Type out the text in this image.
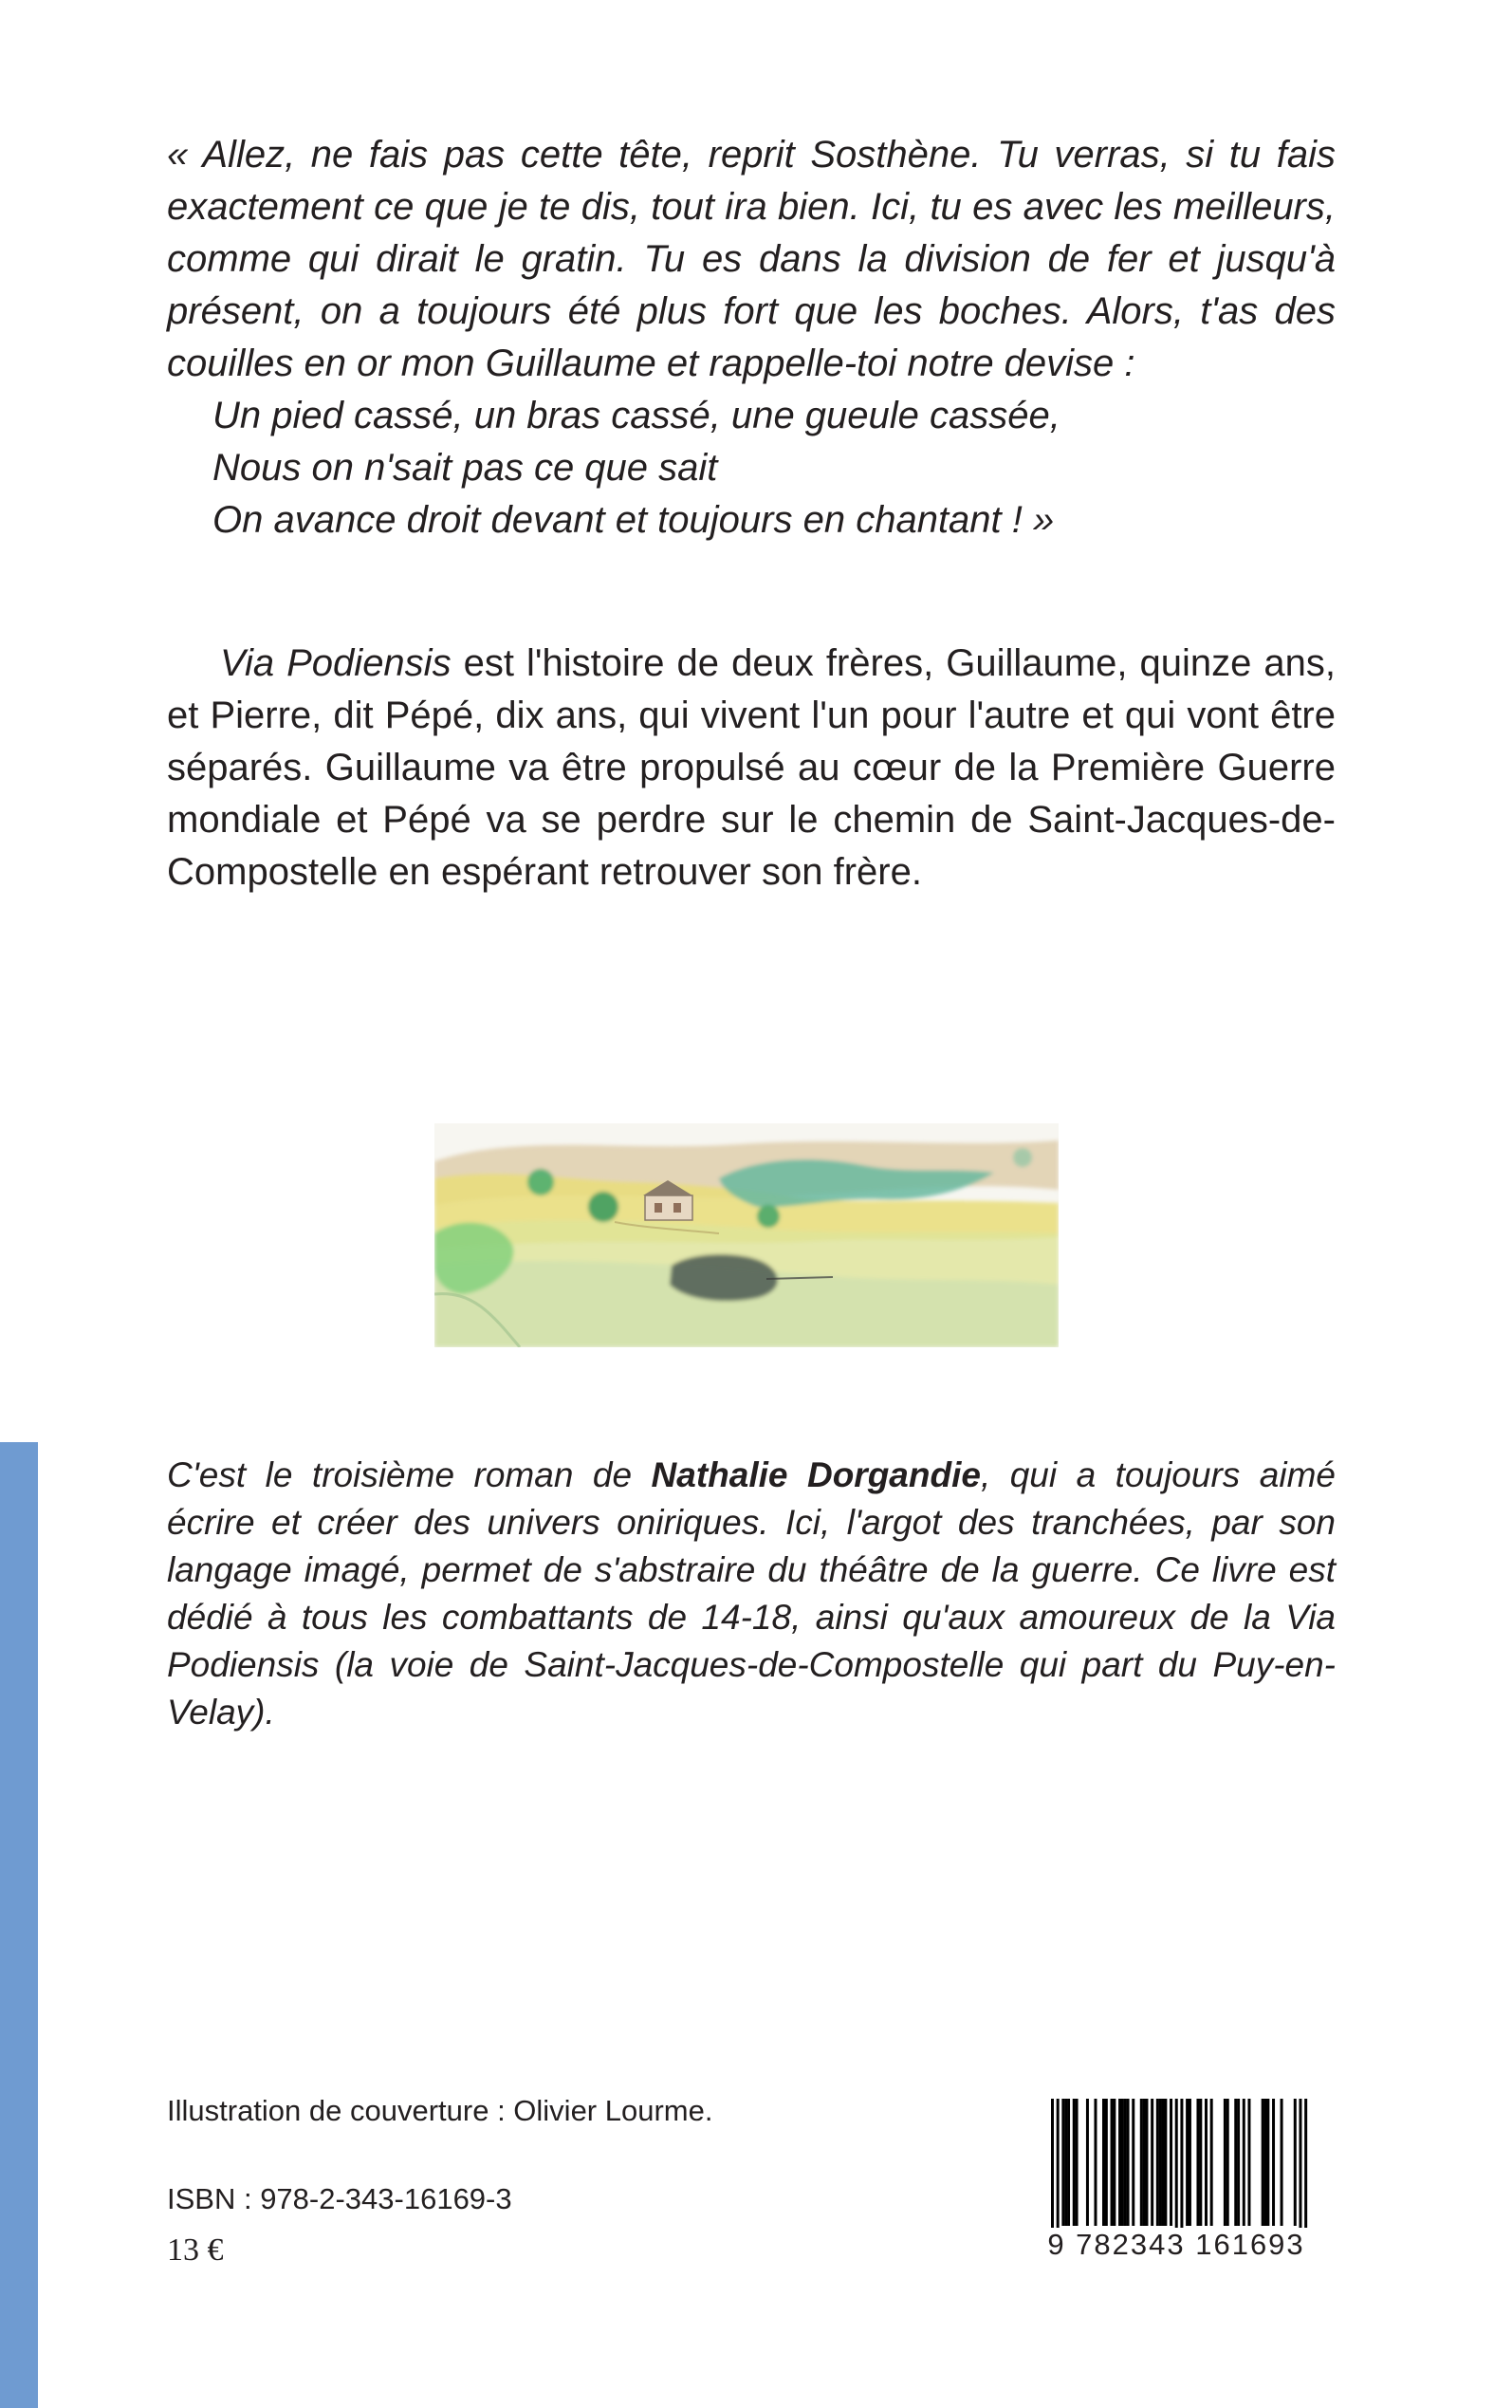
« Allez, ne fais pas cette tête, reprit Sosthène. Tu verras, si tu fais exactement ce que je te dis, tout ira bien. Ici, tu es avec les meilleurs, comme qui dirait le gratin. Tu es dans la division de fer et jusqu'à présent, on a toujours été plus fort que les boches. Alors, t'as des couilles en or mon Guillaume et rappelle-toi notre devise :

Un pied cassé, un bras cassé, une gueule cassée,

Nous on n'sait pas ce que sait

On avance droit devant et toujours en chantant ! »

Via Podiensis est l'histoire de deux frères, Guillaume, quinze ans, et Pierre, dit Pépé, dix ans, qui vivent l'un pour l'autre et qui vont être séparés. Guillaume va être propulsé au cœur de la Première Guerre mondiale et Pépé va se perdre sur le chemin de Saint-Jacques-de-Compostelle en espérant retrouver son frère.

C'est le troisième roman de Nathalie Dorgandie, qui a toujours aimé écrire et créer des univers oniriques. Ici, l'argot des tranchées, par son langage imagé, permet de s'abstraire du théâtre de la guerre. Ce livre est dédié à tous les combattants de 14-18, ainsi qu'aux amoureux de la Via Podiensis (la voie de Saint-Jacques-de-Compostelle qui part du Puy-en-Velay).

Illustration de couverture : Olivier Lourme.
ISBN : 978-2-343-16169-3
13 €	9 782343 161693
